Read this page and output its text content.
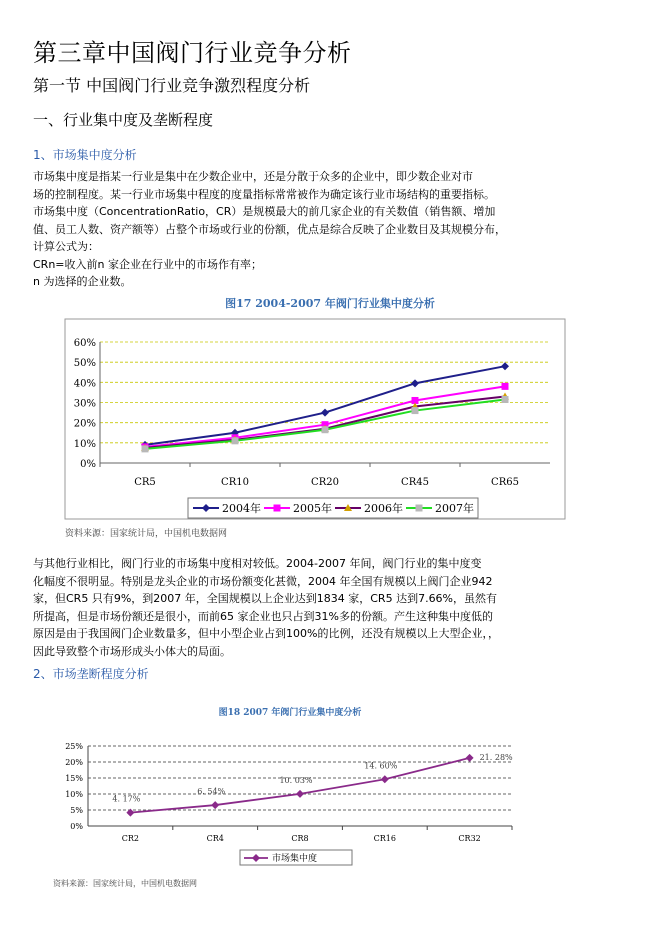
第三章中国阀门行业竞争分析
第一节 中国阀门行业竞争激烈程度分析
一、行业集中度及垄断程度
1、市场集中度分析
市场集中度是指某一行业是集中在少数企业中，还是分散于众多的企业中，即少数企业对市
场的控制程度。某一行业市场集中程度的度量指标常常被作为确定该行业市场结构的重要指标。
市场集中度（ConcentrationRatio，CR）是规模最大的前几家企业的有关数值（销售额、增加
值、员工人数、资产额等）占整个市场或行业的份额，优点是综合反映了企业数目及其规模分布，
计算公式为：
CRn=收入前n 家企业在行业中的市场作有率；
n 为选择的企业数。
图17 2004-2007 年阀门行业集中度分析
0%
10%
20%
30%
40%
50%
60%
CR5	CR10	CR20	CR45	CR65
2004年	2005年	2006年	2007年
资料来源：国家统计局，中国机电数据网
与其他行业相比，阀门行业的市场集中度相对较低。2004-2007 年间，阀门行业的集中度变
化幅度不很明显。特别是龙头企业的市场份额变化甚微，2004 年全国有规模以上阀门企业942
家，但CR5 只有9%，到2007 年，全国规模以上企业达到1834 家，CR5 达到7.66%，虽然有
所提高，但是市场份额还是很小，而前65 家企业也只占到31%多的份额。产生这种集中度低的
原因是由于我国阀门企业数量多，但中小型企业占到100%的比例，还没有规模以上大型企业，，
因此导致整个市场形成头小体大的局面。
2、市场垄断程度分析
图18 2007 年阀门行业集中度分析
0%
5%
10%
15%
20%
25%
CR2	CR4	CR8	CR16	CR32
4. 17%
6. 54%
10. 03%
14. 60%
21. 28%
市场集中度
资料来源：国家统计局，中国机电数据网
